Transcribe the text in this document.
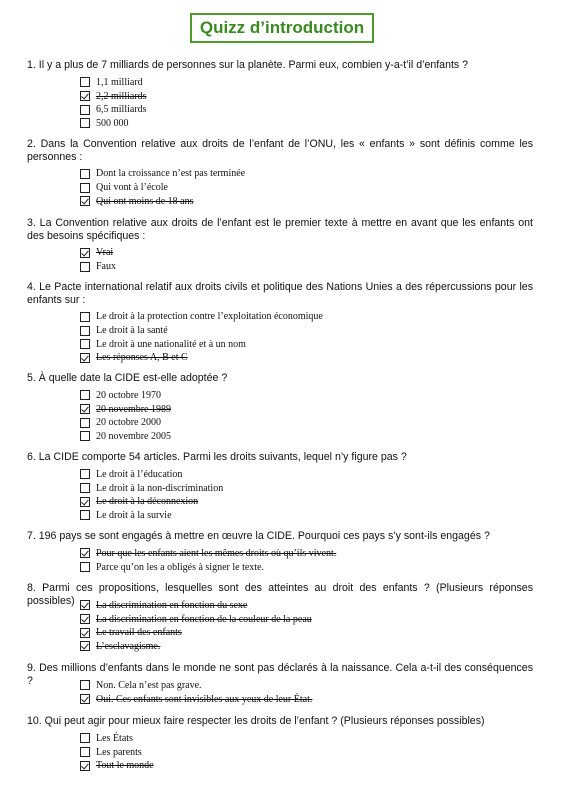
Quizz d’introduction
1. Il y a plus de 7 milliards de personnes sur la planète. Parmi eux, combien y-a-t’il d’enfants ?
1,1 milliard
2,2 milliards
6,5 milliards
500 000
2. Dans la Convention relative aux droits de l’enfant de l’ONU, les « enfants » sont définis comme les personnes :
Dont la croissance n’est pas terminée
Qui vont à l’école
Qui ont moins de 18 ans
3. La Convention relative aux droits de l’enfant est le premier texte à mettre en avant que les enfants ont des besoins spécifiques :
Vrai
Faux
4. Le Pacte international relatif aux droits civils et politique des Nations Unies a des répercussions pour les enfants sur :
Le droit à la protection contre l’exploitation économique
Le droit à la santé
Le droit à une nationalité et à un nom
Les réponses A, B et C
5. À quelle date la CIDE est-elle adoptée ?
20 octobre 1970
20 novembre 1989
20 octobre 2000
20 novembre 2005
6. La CIDE comporte 54 articles. Parmi les droits suivants, lequel n’y figure pas ?
Le droit à l’éducation
Le droit à la non-discrimination
Le droit à la déconnexion
Le droit à la survie
7. 196 pays se sont engagés à mettre en œuvre la CIDE. Pourquoi ces pays s’y sont-ils engagés ?
Pour que les enfants aient les mêmes droits où qu’ils vivent.
Parce qu’on les a obligés à signer le texte.
8. Parmi ces propositions, lesquelles sont des atteintes au droit des enfants ? (Plusieurs réponses possibles)	La discrimination en fonction du sexe
La discrimination en fonction de la couleur de la peau
Le travail des enfants
L’esclavagisme.
9. Des millions d’enfants dans le monde ne sont pas déclarés à la naissance. Cela a-t-il des conséquences ?	Non. Cela n’est pas grave.
Oui. Ces enfants sont invisibles aux yeux de leur État.
10. Qui peut agir pour mieux faire respecter les droits de l’enfant ? (Plusieurs réponses possibles)
Les États
Les parents
Tout le monde
